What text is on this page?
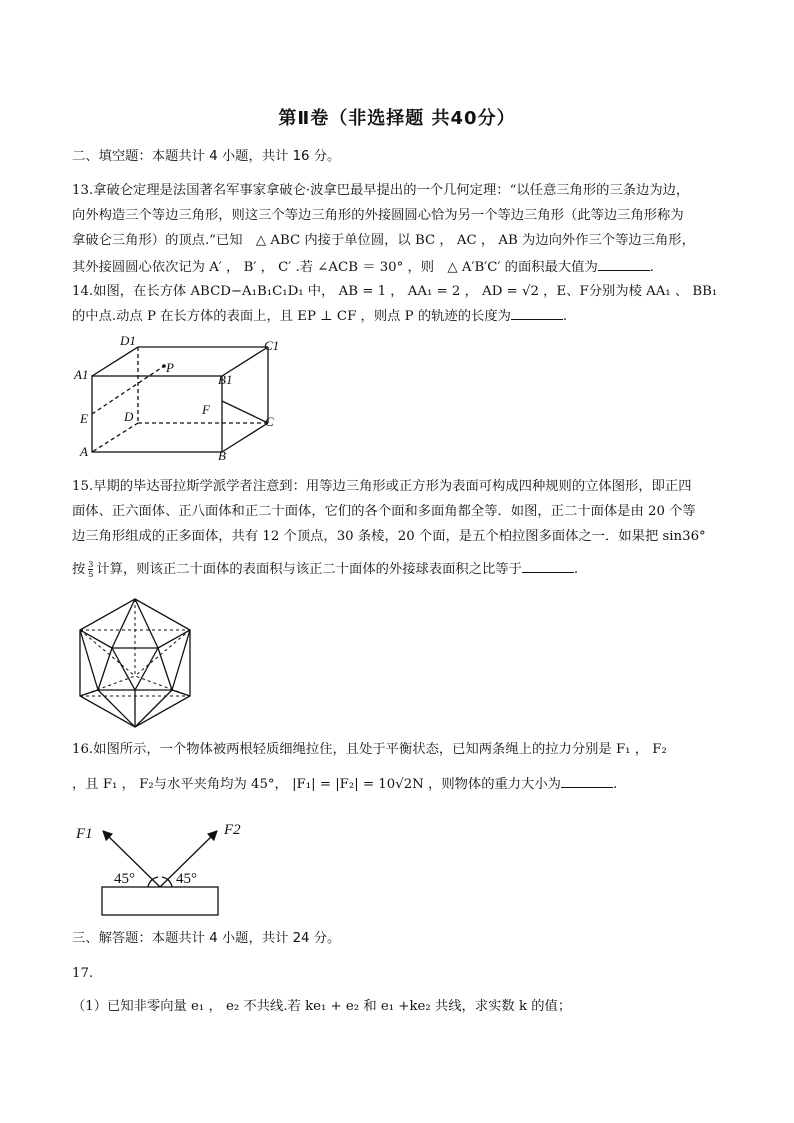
第Ⅱ卷（非选择题 共40分）
二、填空题：本题共计 4 小题，共计 16 分。
13.拿破仑定理是法国著名军事家拿破仑·波拿巴最早提出的一个几何定理：“以任意三角形的三条边为边，
向外构造三个等边三角形，则这三个等边三角形的外接圆圆心恰为另一个等边三角形（此等边三角形称为
拿破仑三角形）的顶点.”已知　△ ABC 内接于单位圆，以 BC ， AC ， AB 为边向外作三个等边三角形，
其外接圆圆心依次记为 A′ ， B′ ， C′ .若 ∠ACB ＝ 30° ，则　△ A′B′C′ 的面积最大值为	.
14.如图，在长方体 ABCD−A₁B₁C₁D₁ 中， AB = 1 ， AA₁ = 2 ， AD = √2 ，E、F分别为棱 AA₁ 、 BB₁
的中点.动点 P 在长方体的表面上，且 EP ⊥ CF ，则点 P 的轨迹的长度为	.
D1	C1
A1	P
B1
F
E	D	C
A	B
15.早期的毕达哥拉斯学派学者注意到：用等边三角形或正方形为表面可构成四种规则的立体图形，即正四
面体、正六面体、正八面体和正二十面体，它们的各个面和多面角都全等．如图，正二十面体是由 20 个等
边三角形组成的正多面体，共有 12 个顶点，30 条棱，20 个面，是五个柏拉图多面体之一．如果把 sin36°
按 $\frac{3}{5}$ 计算，则该正二十面体的表面积与该正二十面体的外接球表面积之比等于	.
16.如图所示，一个物体被两根轻质细绳拉住，且处于平衡状态，已知两条绳上的拉力分别是 F₁ ， F₂
，且 F₁ ， F₂与水平夹角均为 45°， |F₁| = |F₂| = 10√2N ，则物体的重力大小为	.
F1	F2
45°	45°
三、解答题：本题共计 4 小题，共计 24 分。
17.
（1）已知非零向量 e₁ ， e₂ 不共线.若 ke₁ + e₂ 和 e₁ +ke₂ 共线，求实数 k 的值；
